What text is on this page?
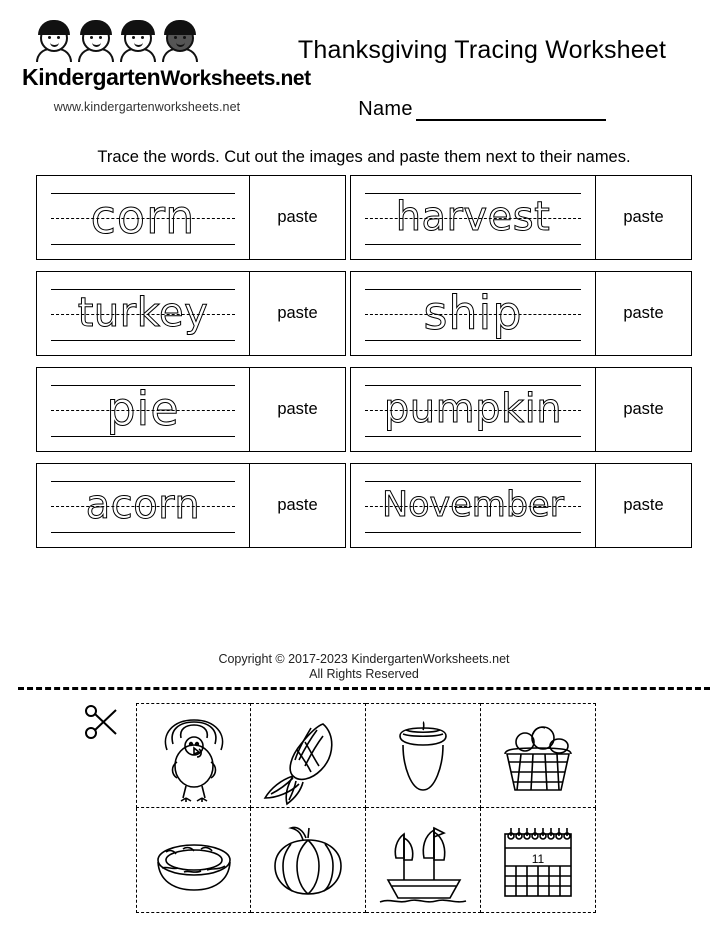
KindergartenWorksheets.net
www.kindergartenworksheets.net
Thanksgiving Tracing Worksheet
Name
Trace the words. Cut out the images and paste them next to their names.
corn	paste	harvest	paste
turkey	paste	ship	paste
pie	paste	pumpkin	paste
acorn	paste	November	paste
Copyright © 2017-2023 KindergartenWorksheets.net
All Rights Reserved
11
